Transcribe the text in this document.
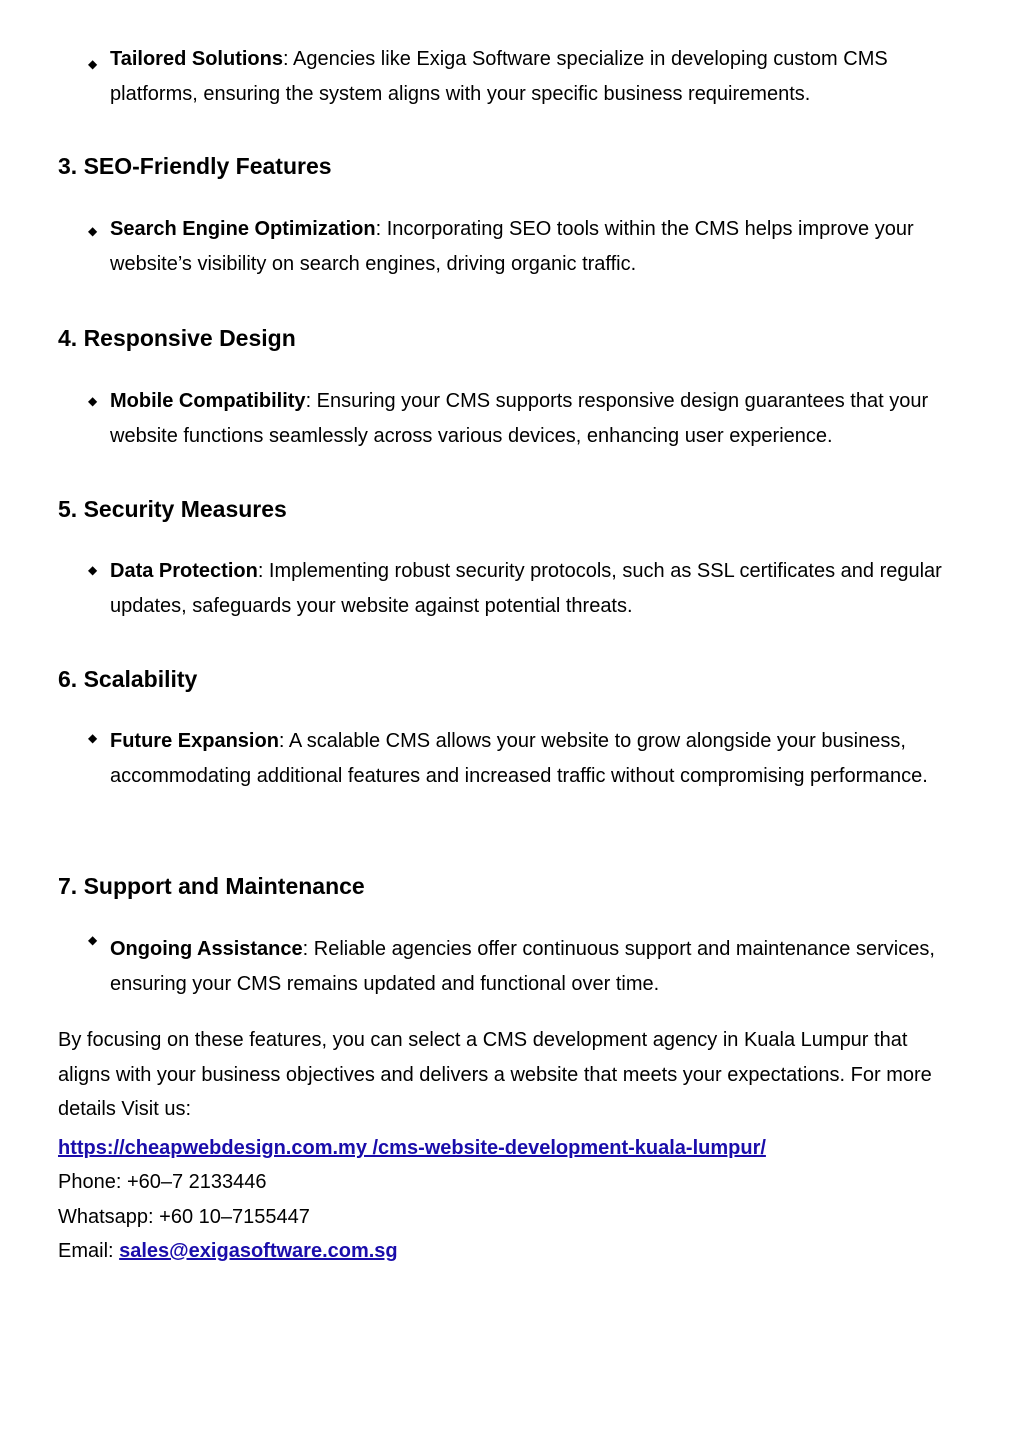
◆ Tailored Solutions: Agencies like Exiga Software specialize in developing custom CMS platforms, ensuring the system aligns with your specific business requirements.

3. SEO-Friendly Features

◆ Search Engine Optimization: Incorporating SEO tools within the CMS helps improve your website’s visibility on search engines, driving organic traffic.

4. Responsive Design

◆ Mobile Compatibility: Ensuring your CMS supports responsive design guarantees that your website functions seamlessly across various devices, enhancing user experience.

5. Security Measures

◆ Data Protection: Implementing robust security protocols, such as SSL certificates and regular updates, safeguards your website against potential threats.

6. Scalability

◆ Future Expansion: A scalable CMS allows your website to grow alongside your business, accommodating additional features and increased traffic without compromising performance.

7. Support and Maintenance

◆ Ongoing Assistance: Reliable agencies offer continuous support and maintenance services, ensuring your CMS remains updated and functional over time.

By focusing on these features, you can select a CMS development agency in Kuala Lumpur that aligns with your business objectives and delivers a website that meets your expectations. For more details Visit us:

https://cheapwebdesign.com.my /cms-website-development-kuala-lumpur/

Phone: +60–7 2133446

Whatsapp: +60 10–7155447

Email: sales@exigasoftware.com.sg
